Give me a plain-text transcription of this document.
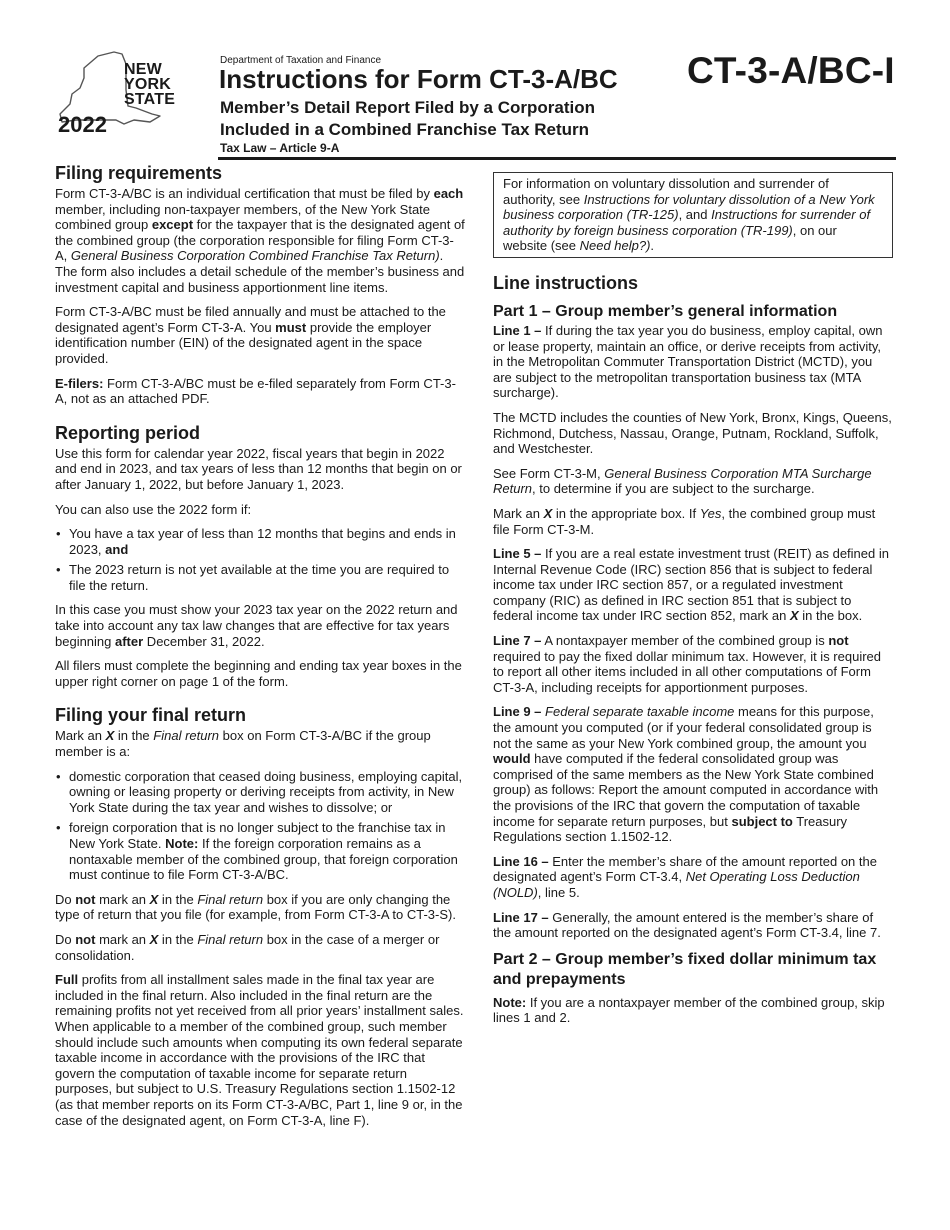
NEW
YORK
STATE
2022
Department of Taxation and Finance
Instructions for Form CT-3-A/BC
Member’s Detail Report Filed by a Corporation
Included in a Combined Franchise Tax Return
Tax Law – Article 9-A
CT-3-A/BC-I
Filing requirements

Form CT-3-A/BC is an individual certification that must be filed by each member, including non-taxpayer members, of the New York State combined group except for the taxpayer that is the designated agent of the combined group (the corporation responsible for filing Form CT-3-A, General Business Corporation Combined Franchise Tax Return). The form also includes a detail schedule of the member’s business and investment capital and business apportionment line items.

Form CT-3-A/BC must be filed annually and must be attached to the designated agent’s Form CT-3-A. You must provide the employer identification number (EIN) of the designated agent in the space provided.

E-filers: Form CT-3-A/BC must be e-filed separately from Form CT-3-A, not as an attached PDF.

Reporting period

Use this form for calendar year 2022, fiscal years that begin in 2022 and end in 2023, and tax years of less than 12 months that begin on or after January 1, 2022, but before January 1, 2023.

You can also use the 2022 form if:

• You have a tax year of less than 12 months that begins and ends in 2023, and
• The 2023 return is not yet available at the time you are required to file the return.

In this case you must show your 2023 tax year on the 2022 return and take into account any tax law changes that are effective for tax years beginning after December 31, 2022.

All filers must complete the beginning and ending tax year boxes in the upper right corner on page 1 of the form.

Filing your final return

Mark an X in the Final return box on Form CT-3-A/BC if the group member is a:

• domestic corporation that ceased doing business, employing capital, owning or leasing property or deriving receipts from activity, in New York State during the tax year and wishes to dissolve; or
• foreign corporation that is no longer subject to the franchise tax in New York State. Note: If the foreign corporation remains as a nontaxable member of the combined group, that foreign corporation must continue to file Form CT-3-A/BC.

Do not mark an X in the Final return box if you are only changing the type of return that you file (for example, from Form CT-3-A to CT-3-S).

Do not mark an X in the Final return box in the case of a merger or consolidation.

Full profits from all installment sales made in the final tax year are included in the final return. Also included in the final return are the remaining profits not yet received from all prior years’ installment sales. When applicable to a member of the combined group, such member should include such amounts when computing its own federal separate taxable income in accordance with the provisions of the IRC that govern the computation of taxable income for separate return purposes, but subject to U.S. Treasury Regulations section 1.1502-12 (as that member reports on its Form CT-3-A/BC, Part 1, line 9 or, in the case of the designated agent, on Form CT-3-A, line F).

For information on voluntary dissolution and surrender of authority, see Instructions for voluntary dissolution of a New York business corporation (TR-125), and Instructions for surrender of authority by foreign business corporation (TR-199), on our website (see Need help?).

Line instructions
Part 1 – Group member’s general information

Line 1 – If during the tax year you do business, employ capital, own or lease property, maintain an office, or derive receipts from activity, in the Metropolitan Commuter Transportation District (MCTD), you are subject to the metropolitan transportation business tax (MTA surcharge).

The MCTD includes the counties of New York, Bronx, Kings, Queens, Richmond, Dutchess, Nassau, Orange, Putnam, Rockland, Suffolk, and Westchester.

See Form CT-3-M, General Business Corporation MTA Surcharge Return, to determine if you are subject to the surcharge.

Mark an X in the appropriate box. If Yes, the combined group must file Form CT-3-M.

Line 5 – If you are a real estate investment trust (REIT) as defined in Internal Revenue Code (IRC) section 856 that is subject to federal income tax under IRC section 857, or a regulated investment company (RIC) as defined in IRC section 851 that is subject to federal income tax under IRC section 852, mark an X in the box.

Line 7 – A nontaxpayer member of the combined group is not required to pay the fixed dollar minimum tax. However, it is required to report all other items included in all other computations of Form CT-3-A, including receipts for apportionment purposes.

Line 9 – Federal separate taxable income means for this purpose, the amount you computed (or if your federal consolidated group is not the same as your New York combined group, the amount you would have computed if the federal consolidated group was comprised of the same members as the New York State combined group) as follows: Report the amount computed in accordance with the provisions of the IRC that govern the computation of taxable income for separate return purposes, but subject to Treasury Regulations section 1.1502-12.

Line 16 – Enter the member’s share of the amount reported on the designated agent’s Form CT-3.4, Net Operating Loss Deduction (NOLD), line 5.

Line 17 – Generally, the amount entered is the member’s share of the amount reported on the designated agent’s Form CT-3.4, line 7.

Part 2 – Group member’s fixed dollar minimum tax and prepayments

Note: If you are a nontaxpayer member of the combined group, skip lines 1 and 2.
